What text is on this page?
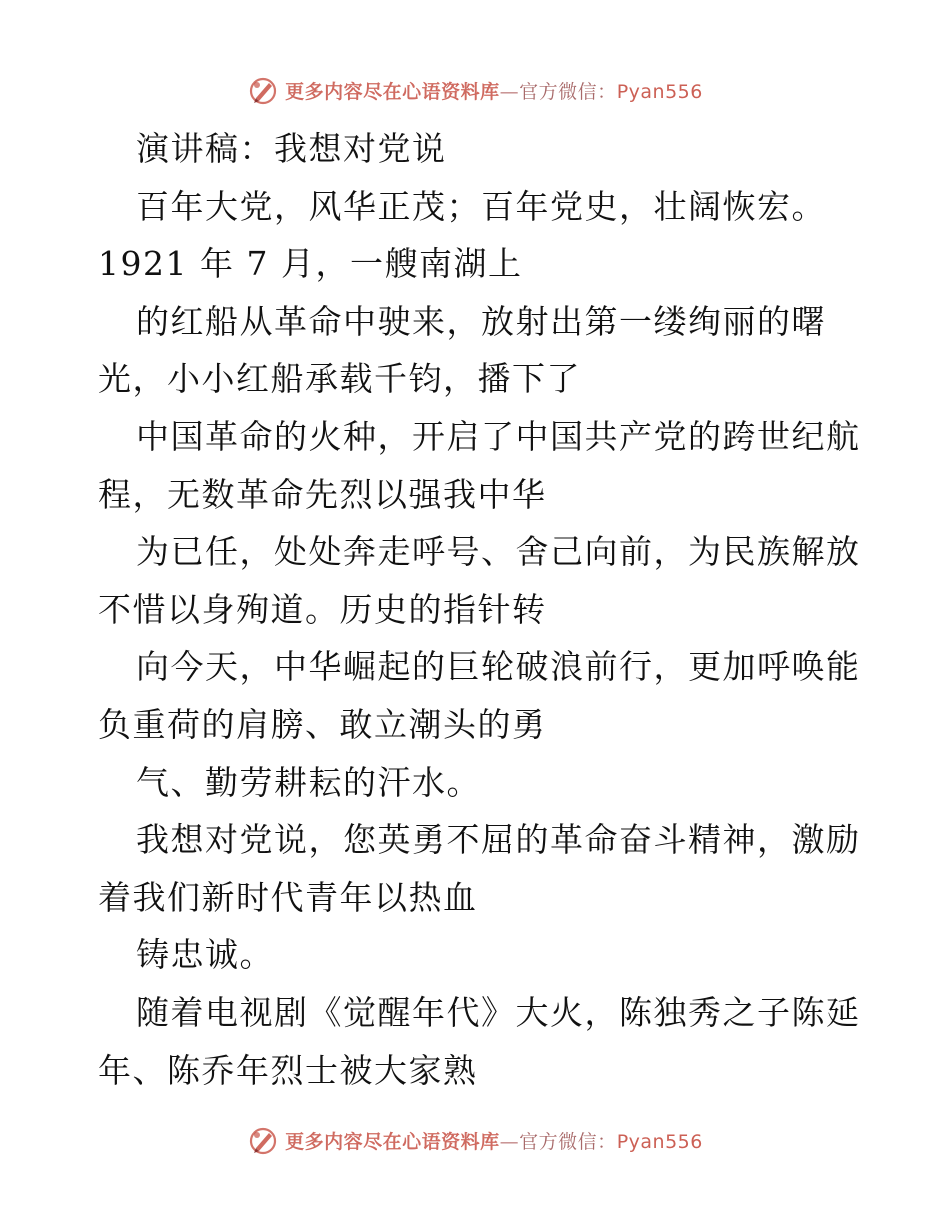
更多内容尽在心语资料库—官方微信：Pyan556
演讲稿：我想对党说
百年大党，风华正茂；百年党史，壮阔恢宏。
1921 年 7 月，一艘南湖上
的红船从革命中驶来，放射出第一缕绚丽的曙
光，小小红船承载千钧，播下了
中国革命的火种，开启了中国共产党的跨世纪航
程，无数革命先烈以强我中华
为已任，处处奔走呼号、舍己向前，为民族解放
不惜以身殉道。历史的指针转
向今天，中华崛起的巨轮破浪前行，更加呼唤能
负重荷的肩膀、敢立潮头的勇
气、勤劳耕耘的汗水。
我想对党说，您英勇不屈的革命奋斗精神，激励
着我们新时代青年以热血
铸忠诚。
随着电视剧《觉醒年代》大火，陈独秀之子陈延
年、陈乔年烈士被大家熟
更多内容尽在心语资料库—官方微信：Pyan556
